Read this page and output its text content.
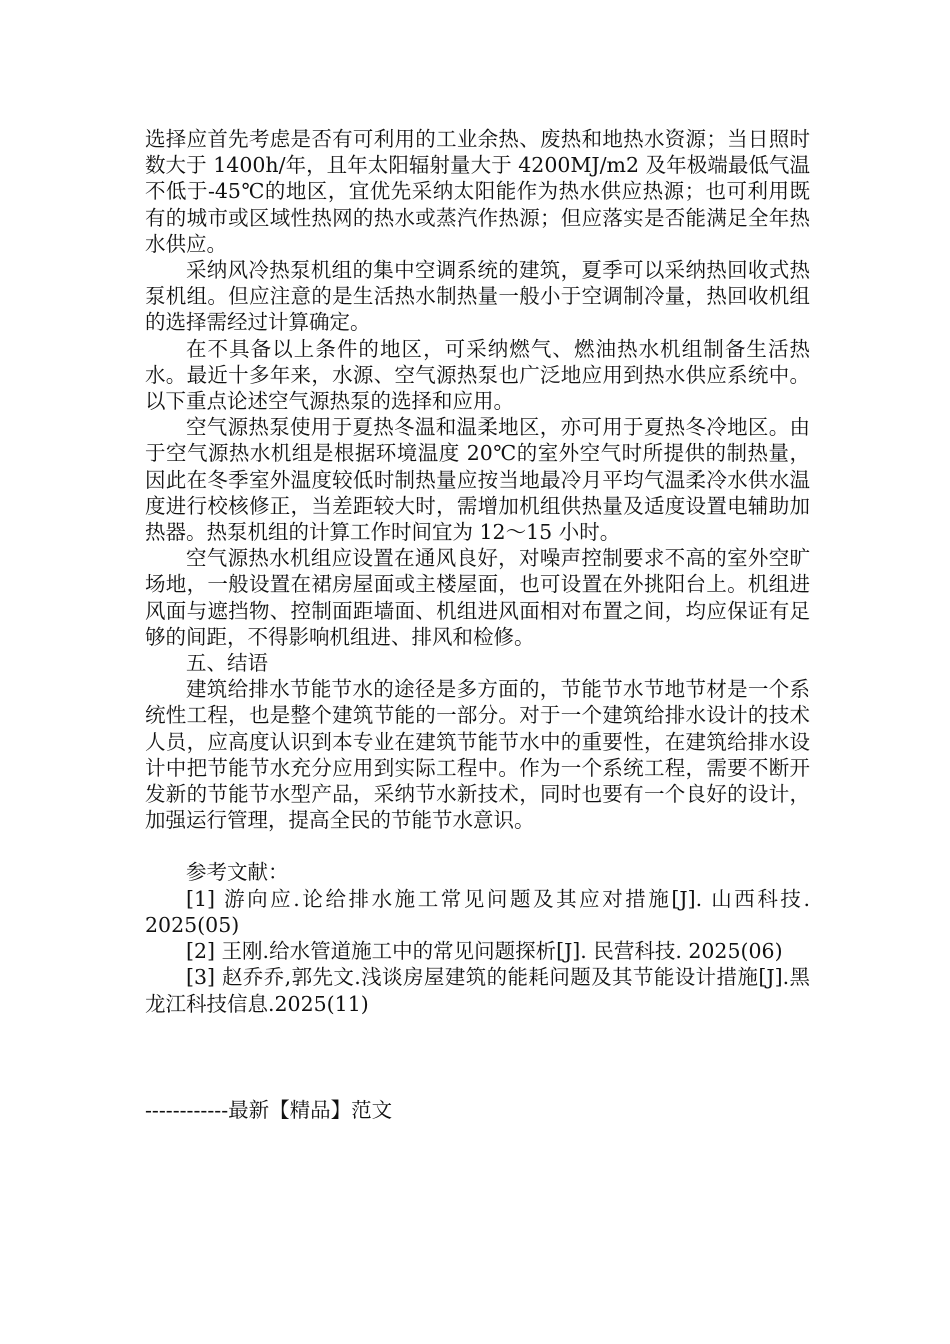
选择应首先考虑是否有可利用的工业余热、废热和地热水资源；当日照时数大于 1400h/年，且年太阳辐射量大于 4200MJ/m2 及年极端最低气温不低于-45℃的地区，宜优先采纳太阳能作为热水供应热源；也可利用既有的城市或区域性热网的热水或蒸汽作热源；但应落实是否能满足全年热水供应。

采纳风冷热泵机组的集中空调系统的建筑，夏季可以采纳热回收式热泵机组。但应注意的是生活热水制热量一般小于空调制冷量，热回收机组的选择需经过计算确定。

在不具备以上条件的地区，可采纳燃气、燃油热水机组制备生活热水。最近十多年来，水源、空气源热泵也广泛地应用到热水供应系统中。以下重点论述空气源热泵的选择和应用。

空气源热泵使用于夏热冬温和温柔地区，亦可用于夏热冬冷地区。由于空气源热水机组是根据环境温度 20℃的室外空气时所提供的制热量，因此在冬季室外温度较低时制热量应按当地最冷月平均气温柔冷水供水温度进行校核修正，当差距较大时，需增加机组供热量及适度设置电辅助加热器。热泵机组的计算工作时间宜为 12～15 小时。

空气源热水机组应设置在通风良好，对噪声控制要求不高的室外空旷场地，一般设置在裙房屋面或主楼屋面，也可设置在外挑阳台上。机组进风面与遮挡物、控制面距墙面、机组进风面相对布置之间，均应保证有足够的间距，不得影响机组进、排风和检修。

五、结语

建筑给排水节能节水的途径是多方面的，节能节水节地节材是一个系统性工程，也是整个建筑节能的一部分。对于一个建筑给排水设计的技术人员，应高度认识到本专业在建筑节能节水中的重要性，在建筑给排水设计中把节能节水充分应用到实际工程中。作为一个系统工程，需要不断开发新的节能节水型产品，采纳节水新技术，同时也要有一个良好的设计，加强运行管理，提高全民的节能节水意识。

参考文献：

[1] 游向应.论给排水施工常见问题及其应对措施[J]. 山西科技. 2025(05)

[2] 王刚.给水管道施工中的常见问题探析[J]. 民营科技. 2025(06)

[3] 赵乔乔,郭先文.浅谈房屋建筑的能耗问题及其节能设计措施[J].黑龙江科技信息.2025(11)

------------最新【精品】范文
